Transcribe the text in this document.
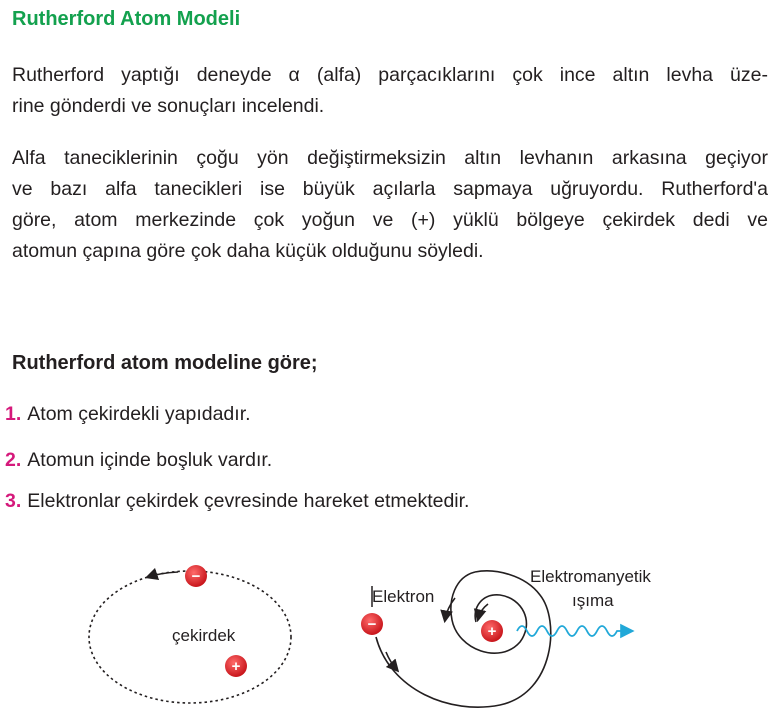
Rutherford Atom Modeli
Rutherford yaptığı deneyde α (alfa) parçacıklarını çok ince altın levha üze-
rine gönderdi ve sonuçları incelendi.
Alfa taneciklerinin çoğu yön değiştirmeksizin altın levhanın arkasına geçiyor
ve bazı alfa tanecikleri ise büyük açılarla sapmaya uğruyordu. Rutherford'a
göre, atom merkezinde çok yoğun ve (+) yüklü bölgeye çekirdek dedi ve
atomun çapına göre çok daha küçük olduğunu söyledi.
Rutherford atom modeline göre;
1. Atom çekirdekli yapıdadır.
2. Atomun içinde boşluk vardır.
3. Elektronlar çekirdek çevresinde hareket etmektedir.
−
çekirdek
+
Elektron
−	+
Elektromanyetik
ışıma
